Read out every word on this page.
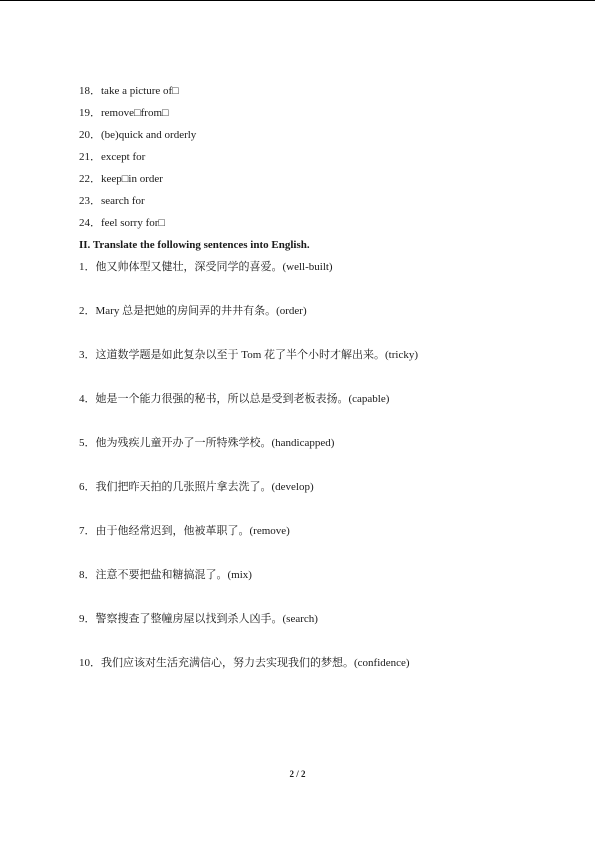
18．take a picture of□
19．remove□from□
20．(be)quick and orderly
21．except for
22．keep□in order
23．search for
24．feel sorry for□
II. Translate the following sentences into English.
1．他又帅体型又健壮，深受同学的喜爱。(well-built)
2．Mary 总是把她的房间弄的井井有条。(order)
3．这道数学题是如此复杂以至于 Tom 花了半个小时才解出来。(tricky)
4．她是一个能力很强的秘书，所以总是受到老板表扬。(capable)
5．他为残疾儿童开办了一所特殊学校。(handicapped)
6．我们把昨天拍的几张照片拿去洗了。(develop)
7．由于他经常迟到，他被革职了。(remove)
8．注意不要把盐和糖搞混了。(mix)
9．警察搜查了整幢房屋以找到杀人凶手。(search)
10．我们应该对生活充满信心，努力去实现我们的梦想。(confidence)
2 / 2
